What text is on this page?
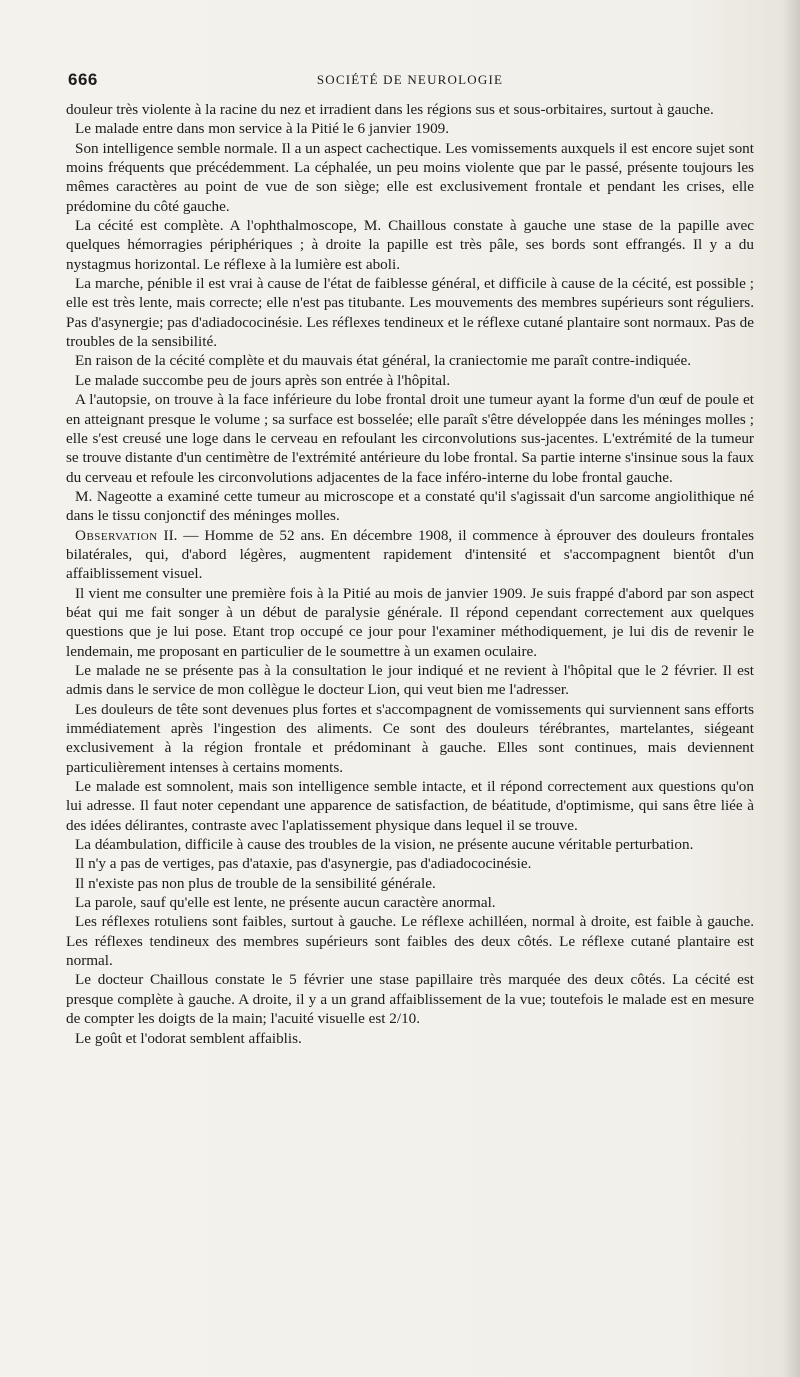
666	SOCIÉTÉ DE NEUROLOGIE

douleur très violente à la racine du nez et irradient dans les régions sus et sous-orbitaires, surtout à gauche.

Le malade entre dans mon service à la Pitié le 6 janvier 1909.

Son intelligence semble normale. Il a un aspect cachectique. Les vomissements auxquels il est encore sujet sont moins fréquents que précédemment. La céphalée, un peu moins violente que par le passé, présente toujours les mêmes caractères au point de vue de son siège; elle est exclusivement frontale et pendant les crises, elle prédomine du côté gauche.

La cécité est complète. A l'ophthalmoscope, M. Chaillous constate à gauche une stase de la papille avec quelques hémorragies périphériques ; à droite la papille est très pâle, ses bords sont effrangés. Il y a du nystagmus horizontal. Le réflexe à la lumière est aboli.

La marche, pénible il est vrai à cause de l'état de faiblesse général, et difficile à cause de la cécité, est possible ; elle est très lente, mais correcte; elle n'est pas titubante. Les mouvements des membres supérieurs sont réguliers. Pas d'asynergie; pas d'adiadococinésie. Les réflexes tendineux et le réflexe cutané plantaire sont normaux. Pas de troubles de la sensibilité.

En raison de la cécité complète et du mauvais état général, la craniectomie me paraît contre-indiquée.

Le malade succombe peu de jours après son entrée à l'hôpital.

A l'autopsie, on trouve à la face inférieure du lobe frontal droit une tumeur ayant la forme d'un œuf de poule et en atteignant presque le volume ; sa surface est bosselée; elle paraît s'être développée dans les méninges molles ; elle s'est creusé une loge dans le cerveau en refoulant les circonvolutions sus-jacentes. L'extrémité de la tumeur se trouve distante d'un centimètre de l'extrémité antérieure du lobe frontal. Sa partie interne s'insinue sous la faux du cerveau et refoule les circonvolutions adjacentes de la face inféro-interne du lobe frontal gauche.

M. Nageotte a examiné cette tumeur au microscope et a constaté qu'il s'agissait d'un sarcome angiolithique né dans le tissu conjonctif des méninges molles.

Observation II. — Homme de 52 ans. En décembre 1908, il commence à éprouver des douleurs frontales bilatérales, qui, d'abord légères, augmentent rapidement d'intensité et s'accompagnent bientôt d'un affaiblissement visuel.

Il vient me consulter une première fois à la Pitié au mois de janvier 1909. Je suis frappé d'abord par son aspect béat qui me fait songer à un début de paralysie générale. Il répond cependant correctement aux quelques questions que je lui pose. Etant trop occupé ce jour pour l'examiner méthodiquement, je lui dis de revenir le lendemain, me proposant en particulier de le soumettre à un examen oculaire.

Le malade ne se présente pas à la consultation le jour indiqué et ne revient à l'hôpital que le 2 février. Il est admis dans le service de mon collègue le docteur Lion, qui veut bien me l'adresser.

Les douleurs de tête sont devenues plus fortes et s'accompagnent de vomissements qui surviennent sans efforts immédiatement après l'ingestion des aliments. Ce sont des douleurs térébrantes, martelantes, siégeant exclusivement à la région frontale et prédominant à gauche. Elles sont continues, mais deviennent particulièrement intenses à certains moments.

Le malade est somnolent, mais son intelligence semble intacte, et il répond correctement aux questions qu'on lui adresse. Il faut noter cependant une apparence de satisfaction, de béatitude, d'optimisme, qui sans être liée à des idées délirantes, contraste avec l'aplatissement physique dans lequel il se trouve.

La déambulation, difficile à cause des troubles de la vision, ne présente aucune véritable perturbation.

Il n'y a pas de vertiges, pas d'ataxie, pas d'asynergie, pas d'adiadococinésie.

Il n'existe pas non plus de trouble de la sensibilité générale.

La parole, sauf qu'elle est lente, ne présente aucun caractère anormal.

Les réflexes rotuliens sont faibles, surtout à gauche. Le réflexe achilléen, normal à droite, est faible à gauche. Les réflexes tendineux des membres supérieurs sont faibles des deux côtés. Le réflexe cutané plantaire est normal.

Le docteur Chaillous constate le 5 février une stase papillaire très marquée des deux côtés. La cécité est presque complète à gauche. A droite, il y a un grand affaiblissement de la vue; toutefois le malade est en mesure de compter les doigts de la main; l'acuité visuelle est 2/10.

Le goût et l'odorat semblent affaiblis.
